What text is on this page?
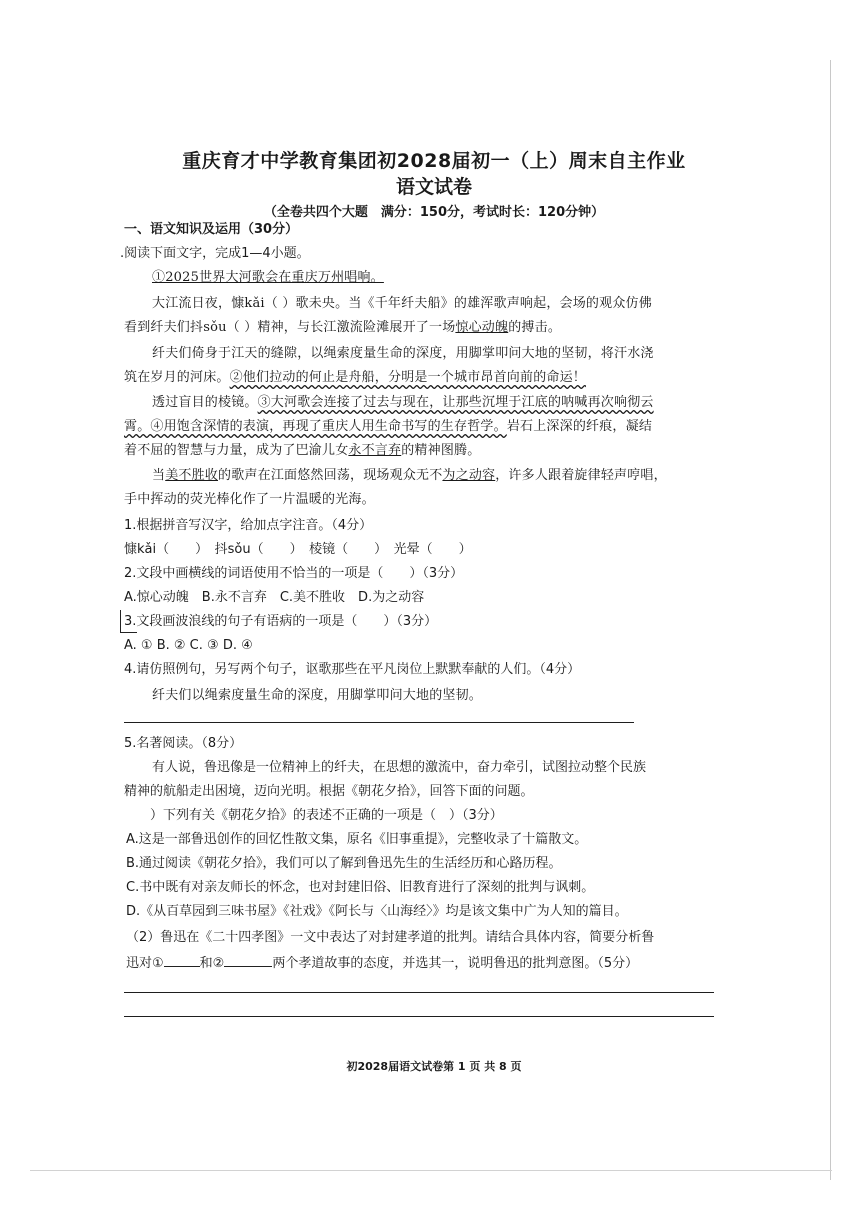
重庆育才中学教育集团初2028届初一（上）周末自主作业
语文试卷
（全卷共四个大题　满分：150分，考试时长：120分钟）
一、语文知识及运用（30分）
.阅读下面文字，完成1—4小题。
①2025世界大河歌会在重庆万州唱响。
大江流日夜，慷kǎi（ ）歌未央。当《千年纤夫船》的雄浑歌声响起，会场的观众仿佛
看到纤夫们抖sǒu（ ）精神，与长江激流险滩展开了一场惊心动魄的搏击。
纤夫们倚身于江天的缝隙，以绳索度量生命的深度，用脚掌叩问大地的坚韧，将汗水浇
筑在岁月的河床。②他们拉动的何止是舟船，分明是一个城市昂首向前的命运！
透过盲目的棱镜。③大河歌会连接了过去与现在，让那些沉埋于江底的呐喊再次响彻云
霄。④用饱含深情的表演，再现了重庆人用生命书写的生存哲学。岩石上深深的纤痕，凝结
着不屈的智慧与力量，成为了巴渝儿女永不言弃的精神图腾。
当美不胜收的歌声在江面悠然回荡，现场观众无不为之动容，许多人跟着旋律轻声哼唱，
手中挥动的荧光棒化作了一片温暖的光海。
1.根据拼音写汉字，给加点字注音。（4分）
慷kǎi（　　）　抖sǒu（　　）　棱镜（　　）　光晕（　　）
2.文段中画横线的词语使用不恰当的一项是（　　）（3分）
A.惊心动魄　B.永不言弃　C.美不胜收　D.为之动容
3.文段画波浪线的句子有语病的一项是（　　）（3分）
A. ① B. ② C. ③ D. ④
4.请仿照例句，另写两个句子，讴歌那些在平凡岗位上默默奉献的人们。（4分）
纤夫们以绳索度量生命的深度，用脚掌叩问大地的坚韧。
5.名著阅读。（8分）
有人说，鲁迅像是一位精神上的纤夫，在思想的激流中，奋力牵引，试图拉动整个民族
精神的航船走出困境，迈向光明。根据《朝花夕拾》，回答下面的问题。
）下列有关《朝花夕拾》的表述不正确的一项是（　）（3分）
A.这是一部鲁迅创作的回忆性散文集，原名《旧事重提》，完整收录了十篇散文。
B.通过阅读《朝花夕拾》，我们可以了解到鲁迅先生的生活经历和心路历程。
C.书中既有对亲友师长的怀念，也对封建旧俗、旧教育进行了深刻的批判与讽刺。
D.《从百草园到三味书屋》《社戏》《阿长与〈山海经〉》均是该文集中广为人知的篇目。
（2）鲁迅在《二十四孝图》一文中表达了对封建孝道的批判。请结合具体内容，简要分析鲁
迅对①	和②	两个孝道故事的态度，并选其一，说明鲁迅的批判意图。（5分）
初2028届语文试卷第 1 页 共 8 页
